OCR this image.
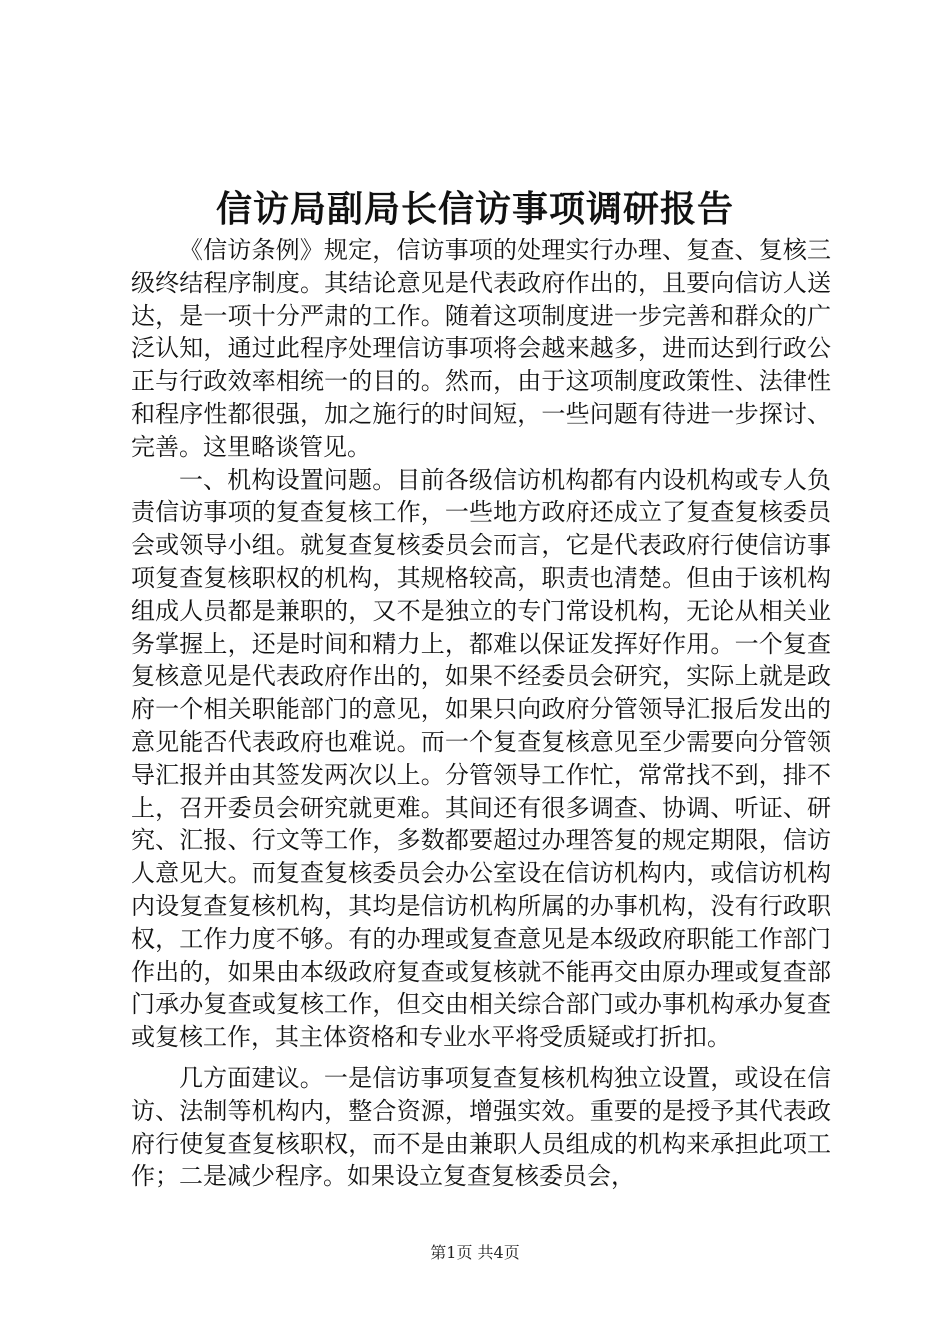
信访局副局长信访事项调研报告

《信访条例》规定，信访事项的处理实行办理、复查、复核三级终结程序制度。其结论意见是代表政府作出的，且要向信访人送达，是一项十分严肃的工作。随着这项制度进一步完善和群众的广泛认知，通过此程序处理信访事项将会越来越多，进而达到行政公正与行政效率相统一的目的。然而，由于这项制度政策性、法律性和程序性都很强，加之施行的时间短，一些问题有待进一步探讨、完善。这里略谈管见。

一、机构设置问题。目前各级信访机构都有内设机构或专人负责信访事项的复查复核工作，一些地方政府还成立了复查复核委员会或领导小组。就复查复核委员会而言，它是代表政府行使信访事项复查复核职权的机构，其规格较高，职责也清楚。但由于该机构组成人员都是兼职的，又不是独立的专门常设机构，无论从相关业务掌握上，还是时间和精力上，都难以保证发挥好作用。一个复查复核意见是代表政府作出的，如果不经委员会研究，实际上就是政府一个相关职能部门的意见，如果只向政府分管领导汇报后发出的意见能否代表政府也难说。而一个复查复核意见至少需要向分管领导汇报并由其签发两次以上。分管领导工作忙，常常找不到，排不上，召开委员会研究就更难。其间还有很多调查、协调、听证、研究、汇报、行文等工作，多数都要超过办理答复的规定期限，信访人意见大。而复查复核委员会办公室设在信访机构内，或信访机构内设复查复核机构，其均是信访机构所属的办事机构，没有行政职权，工作力度不够。有的办理或复查意见是本级政府职能工作部门作出的，如果由本级政府复查或复核就不能再交由原办理或复查部门承办复查或复核工作，但交由相关综合部门或办事机构承办复查或复核工作，其主体资格和专业水平将受质疑或打折扣。

几方面建议。一是信访事项复查复核机构独立设置，或设在信访、法制等机构内，整合资源，增强实效。重要的是授予其代表政府行使复查复核职权，而不是由兼职人员组成的机构来承担此项工作；二是减少程序。如果设立复查复核委员会，

第1页 共4页
